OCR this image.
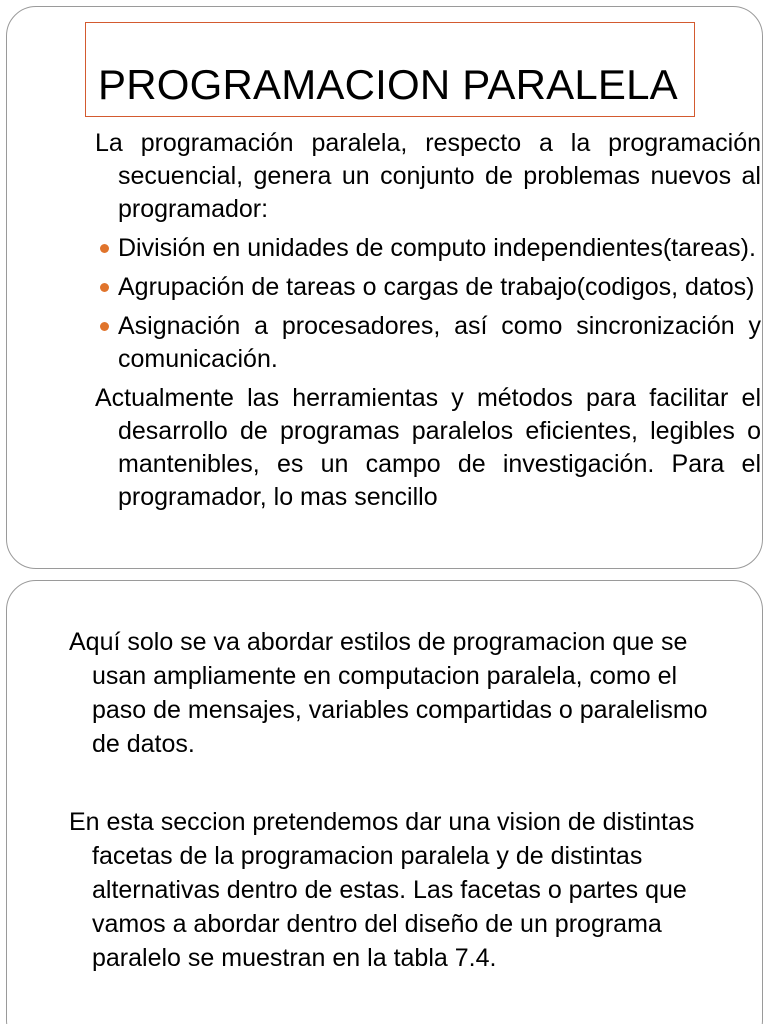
PROGRAMACION PARALELA

La programación paralela, respecto a la programación secuencial, genera un conjunto de problemas nuevos al programador:

División en unidades de computo independientes(tareas).
Agrupación de tareas o cargas de trabajo(codigos, datos)
Asignación a procesadores, así como sincronización y comunicación.

Actualmente las herramientas y métodos para facilitar el desarrollo de programas paralelos eficientes, legibles o mantenibles, es un campo de investigación. Para el programador, lo mas sencillo

Aquí solo se va abordar estilos de programacion que se usan ampliamente en computacion paralela, como el paso de mensajes, variables compartidas o paralelismo de datos.

En esta seccion pretendemos dar una vision de distintas facetas de la programacion paralela y de distintas alternativas dentro de estas. Las facetas o partes que vamos a abordar dentro del diseño de un programa paralelo se muestran en la tabla 7.4.
